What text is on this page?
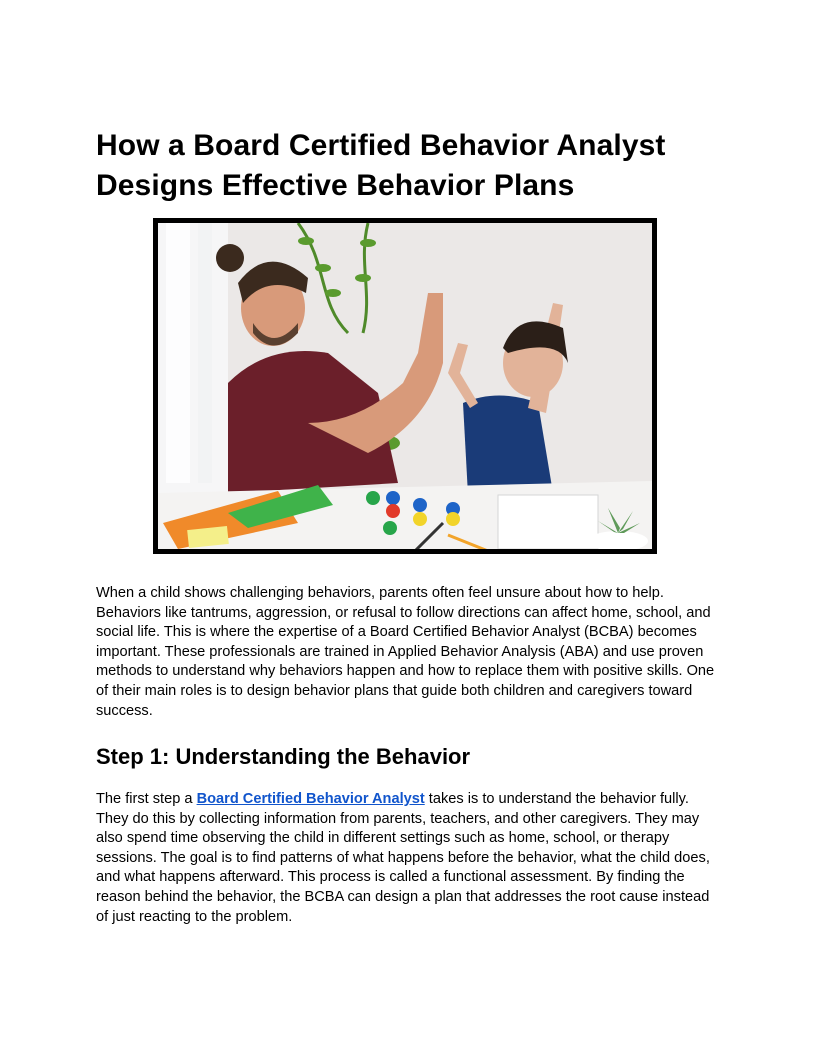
How a Board Certified Behavior Analyst
Designs Effective Behavior Plans

When a child shows challenging behaviors, parents often feel unsure about how to help. Behaviors like tantrums, aggression, or refusal to follow directions can affect home, school, and social life. This is where the expertise of a Board Certified Behavior Analyst (BCBA) becomes important. These professionals are trained in Applied Behavior Analysis (ABA) and use proven methods to understand why behaviors happen and how to replace them with positive skills. One of their main roles is to design behavior plans that guide both children and caregivers toward success.

Step 1: Understanding the Behavior

The first step a Board Certified Behavior Analyst takes is to understand the behavior fully. They do this by collecting information from parents, teachers, and other caregivers. They may also spend time observing the child in different settings such as home, school, or therapy sessions. The goal is to find patterns of what happens before the behavior, what the child does, and what happens afterward. This process is called a functional assessment. By finding the reason behind the behavior, the BCBA can design a plan that addresses the root cause instead of just reacting to the problem.
